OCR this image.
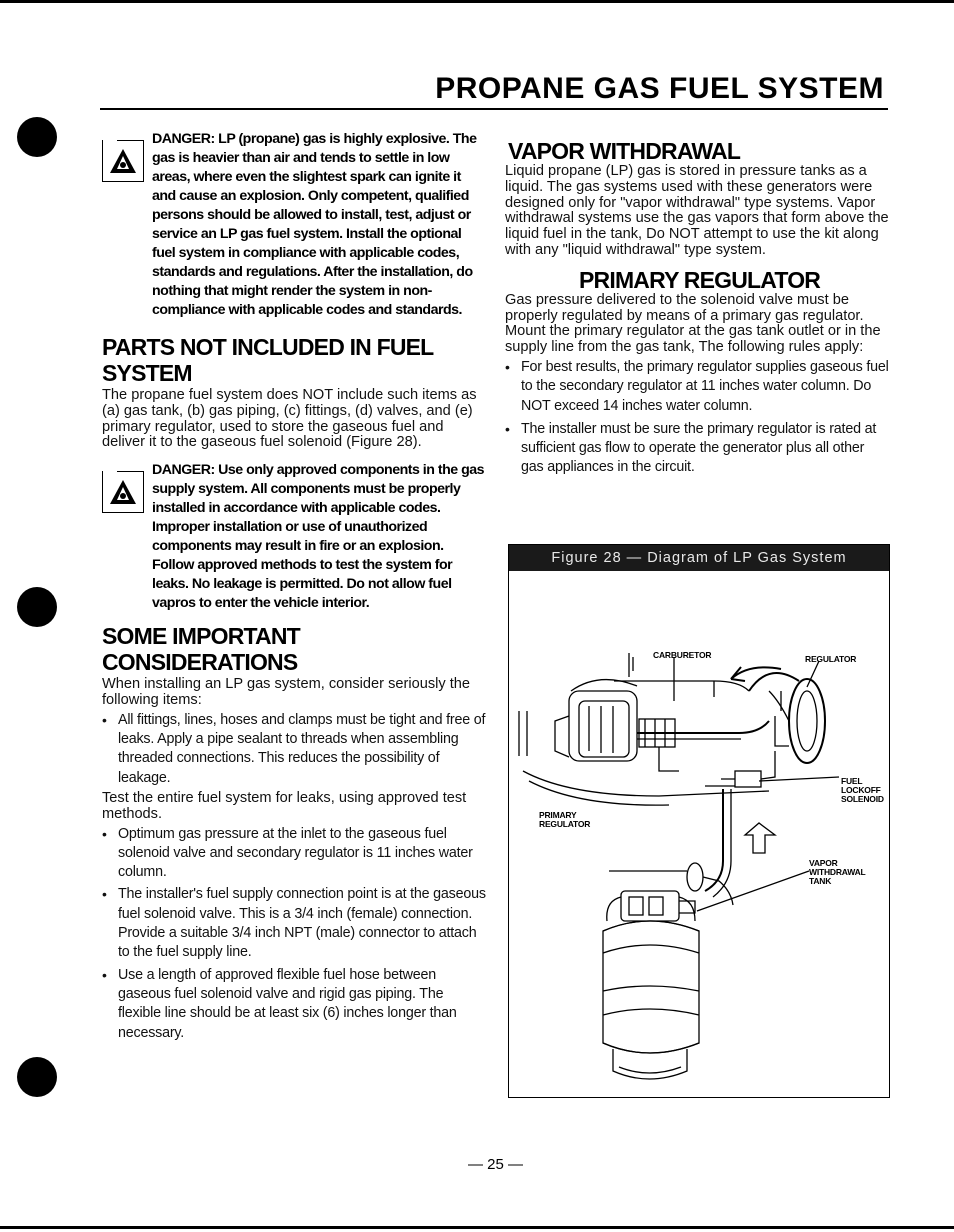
PROPANE GAS FUEL SYSTEM
DANGER: LP (propane) gas is highly explosive. The gas is heavier than air and tends to settle in low areas, where even the slightest spark can ignite it and cause an explosion. Only competent, qualified persons should be allowed to install, test, adjust or service an LP gas fuel system. Install the optional fuel system in compliance with applicable codes, standards and regulations. After the installation, do nothing that might render the system in non-compliance with applicable codes and standards.
PARTS NOT INCLUDED IN FUEL SYSTEM

The propane fuel system does NOT include such items as (a) gas tank, (b) gas piping, (c) fittings, (d) valves, and (e) primary regulator, used to store the gaseous fuel and deliver it to the gaseous fuel solenoid (Figure 28).

DANGER: Use only approved components in the gas supply system. All components must be properly installed in accordance with applicable codes. Improper installation or use of unauthorized components may result in fire or an explosion. Follow approved methods to test the system for leaks. No leakage is permitted. Do not allow fuel vapros to enter the vehicle interior.
SOME IMPORTANT CONSIDERATIONS

When installing an LP gas system, consider seriously the following items:

• All fittings, lines, hoses and clamps must be tight and free of leaks. Apply a pipe sealant to threads when assembling threaded connections. This reduces the possibility of leakage.

Test the entire fuel system for leaks, using approved test methods.

• Optimum gas pressure at the inlet to the gaseous fuel solenoid valve and secondary regulator is 11 inches water column.
• The installer's fuel supply connection point is at the gaseous fuel solenoid valve. This is a 3/4 inch (female) connection. Provide a suitable 3/4 inch NPT (male) connector to attach to the fuel supply line.
• Use a length of approved flexible fuel hose between gaseous fuel solenoid valve and rigid gas piping. The flexible line should be at least six (6) inches longer than necessary.
VAPOR WITHDRAWAL

Liquid propane (LP) gas is stored in pressure tanks as a liquid. The gas systems used with these generators were designed only for "vapor withdrawal" type systems. Vapor withdrawal systems use the gas vapors that form above the liquid fuel in the tank, Do NOT attempt to use the kit along with any "liquid withdrawal" type system.

PRIMARY REGULATOR

Gas pressure delivered to the solenoid valve must be properly regulated by means of a primary gas regulator. Mount the primary regulator at the gas tank outlet or in the supply line from the gas tank, The following rules apply:

• For best results, the primary regulator supplies gaseous fuel to the secondary regulator at 11 inches water column. Do NOT exceed 14 inches water column.
• The installer must be sure the primary regulator is rated at sufficient gas flow to operate the generator plus all other gas appliances in the circuit.
Figure 28 — Diagram of LP Gas System
CARBURETOR	REGULATOR
FUEL
LOCKOFF
SOLENOID
PRIMARY
REGULATOR
VAPOR
WITHDRAWAL
TANK
— 25 —
